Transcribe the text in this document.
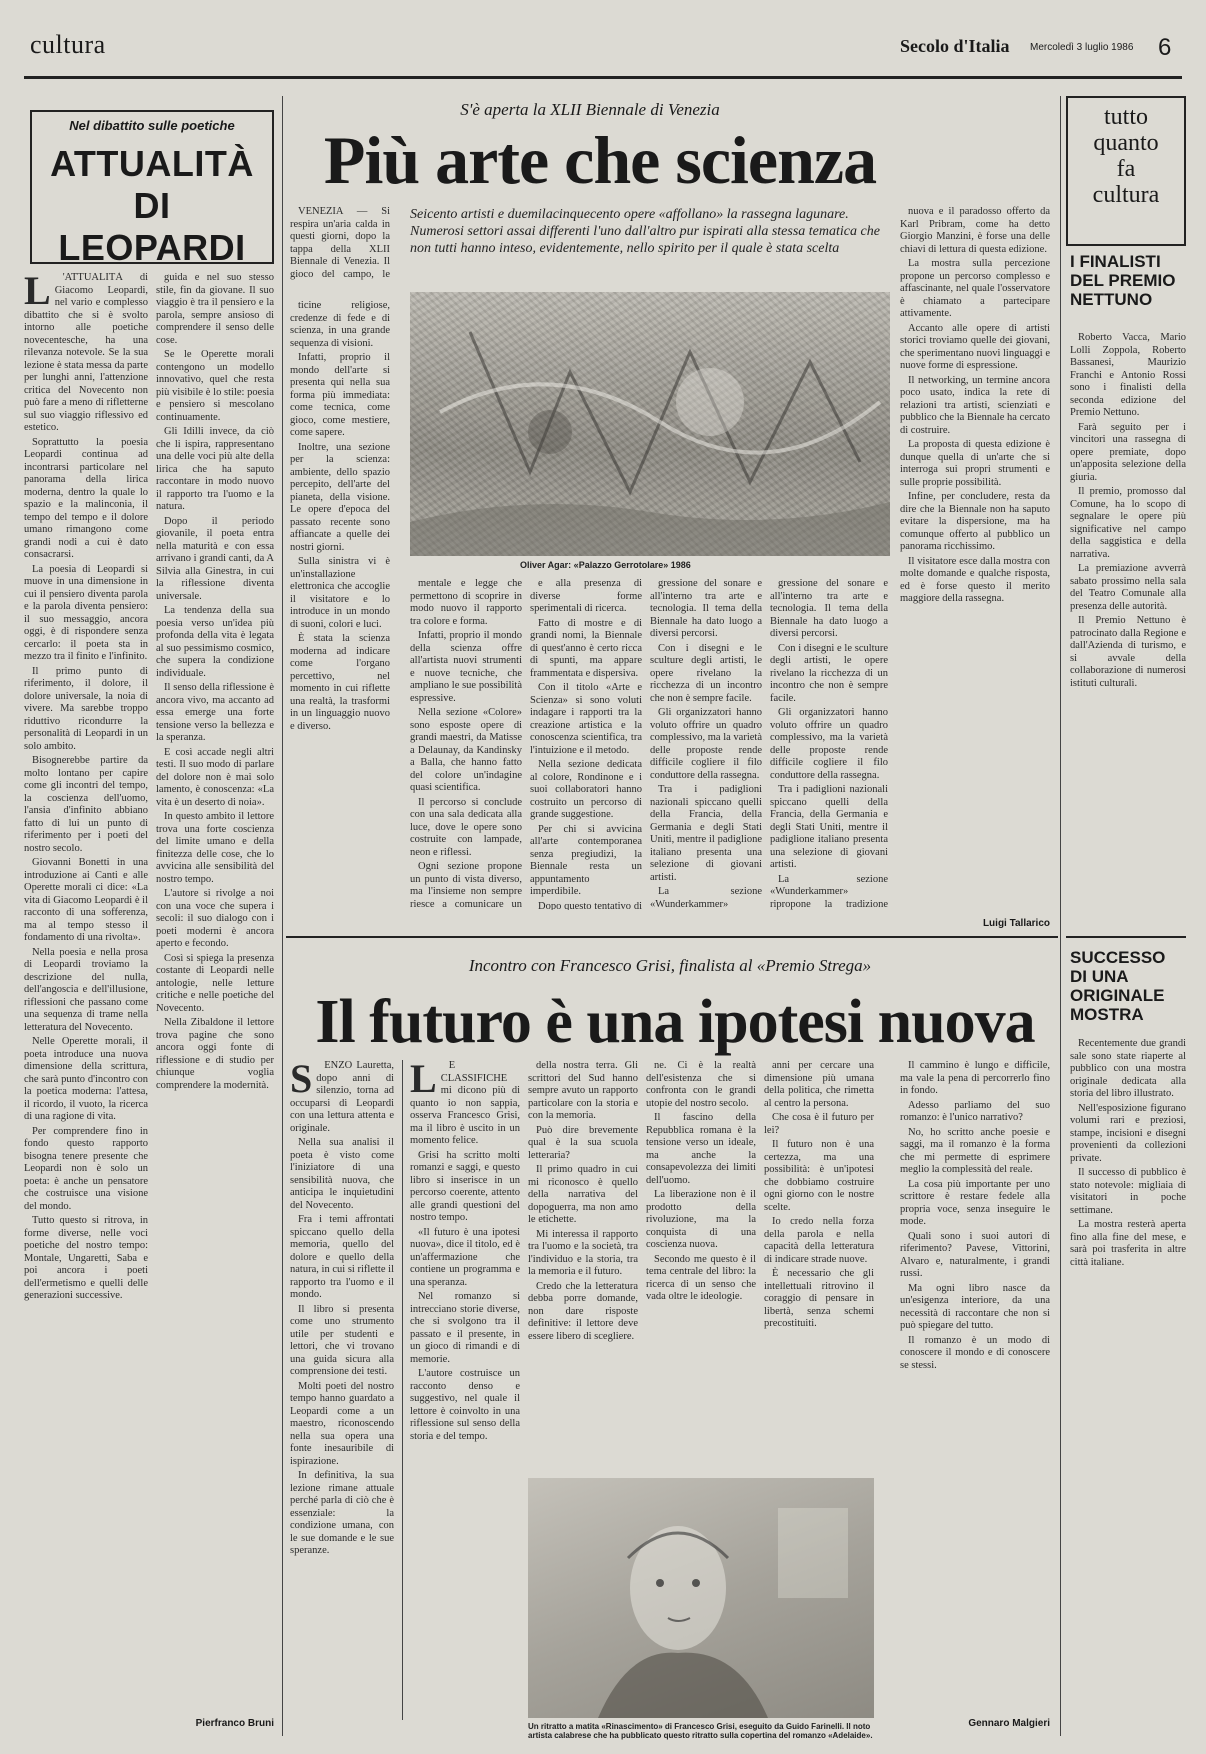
cultura	Secolo d'Italia Mercoledì 3 luglio 1986 6
Nel dibattito sulle poetiche
ATTUALITÀ DI LEOPARDI
L	'ATTUALITÀ di Giacomo Leopardi, nel vario e complesso dibattito che si è svolto intorno alle poetiche novecentesche, ha una rilevanza notevole. Se la sua lezione è stata messa da parte per lunghi anni, l'attenzione critica del Novecento non può fare a meno di rifletterne sul suo viaggio riflessivo ed estetico.

Soprattutto la poesia Leopardi continua ad incontrarsi particolare nel panorama della lirica moderna, dentro la quale lo spazio e la malinconia, il tempo del tempo e il dolore umano rimangono come grandi nodi a cui è dato consacrarsi.

La poesia di Leopardi si muove in una dimensione in cui il pensiero diventa parola e la parola diventa pensiero: il suo messaggio, ancora oggi, è di rispondere senza cercarlo: il poeta sta in mezzo tra il finito e l'infinito.

Il primo punto di riferimento, il dolore, il dolore universale, la noia di vivere. Ma sarebbe troppo riduttivo ricondurre la personalità di Leopardi in un solo ambito.

Bisognerebbe partire da molto lontano per capire come gli incontri del tempo, la coscienza dell'uomo, l'ansia d'infinito abbiano fatto di lui un punto di riferimento per i poeti del nostro secolo.

Giovanni Bonetti in una introduzione ai Canti e alle Operette morali ci dice: «La vita di Giacomo Leopardi è il racconto di una sofferenza, ma al tempo stesso il fondamento di una rivolta».

Nella poesia e nella prosa di Leopardi troviamo la descrizione del nulla, dell'angoscia e dell'illusione, riflessioni che passano come una sequenza di trame nella letteratura del Novecento.

Nelle Operette morali, il poeta introduce una nuova dimensione della scrittura, che sarà punto d'incontro con la poetica moderna: l'attesa, il ricordo, il vuoto, la ricerca di una ragione di vita.

Per comprendere fino in fondo questo rapporto bisogna tenere presente che Leopardi non è solo un poeta: è anche un pensatore che costruisce una visione del mondo.

Tutto questo si ritrova, in forme diverse, nelle voci poetiche del nostro tempo: Montale, Ungaretti, Saba e poi ancora i poeti dell'ermetismo e quelli delle generazioni successive.

guida e nel suo stesso stile, fin da giovane. Il suo viaggio è tra il pensiero e la parola, sempre ansioso di comprendere il senso delle cose.

Se le Operette morali contengono un modello innovativo, quel che resta più visibile è lo stile: poesia e pensiero si mescolano continuamente.

Gli Idilli invece, da ciò che li ispira, rappresentano una delle voci più alte della lirica che ha saputo raccontare in modo nuovo il rapporto tra l'uomo e la natura.

Dopo il periodo giovanile, il poeta entra nella maturità e con essa arrivano i grandi canti, da A Silvia alla Ginestra, in cui la riflessione diventa universale.

La tendenza della sua poesia verso un'idea più profonda della vita è legata al suo pessimismo cosmico, che supera la condizione individuale.

Il senso della riflessione è ancora vivo, ma accanto ad essa emerge una forte tensione verso la bellezza e la speranza.

E così accade negli altri testi. Il suo modo di parlare del dolore non è mai solo lamento, è conoscenza: «La vita è un deserto di noia».

In questo ambito il lettore trova una forte coscienza del limite umano e della finitezza delle cose, che lo avvicina alle sensibilità del nostro tempo.

L'autore si rivolge a noi con una voce che supera i secoli: il suo dialogo con i poeti moderni è ancora aperto e fecondo.

Così si spiega la presenza costante di Leopardi nelle antologie, nelle letture critiche e nelle poetiche del Novecento.

Nella Zibaldone il lettore trova pagine che sono ancora oggi fonte di riflessione e di studio per chiunque voglia comprendere la modernità.

Pierfranco Bruni
S'è aperta la XLII Biennale di Venezia
Più arte che scienza

VENEZIA — Si respira un'aria calda in questi giorni, dopo la tappa della XLII Biennale di Venezia. Il gioco del campo, le

Seicento artisti e duemilacinquecento opere «affollano» la rassegna lagunare. Numerosi settori assai differenti l'uno dall'altro pur ispirati alla stessa tematica che non tutti hanno inteso, evidentemente, nello spirito per il quale è stata scelta
Oliver Agar: «Palazzo Gerrotolare» 1986

ticine religiose, credenze di fede e di scienza, in una grande sequenza di visioni.

Infatti, proprio il mondo dell'arte si presenta qui nella sua forma più immediata: come tecnica, come gioco, come mestiere, come sapere.

Inoltre, una sezione per la scienza: ambiente, dello spazio percepito, dell'arte del pianeta, della visione. Le opere d'epoca del passato recente sono affiancate a quelle dei nostri giorni.

Sulla sinistra vi è un'installazione elettronica che accoglie il visitatore e lo introduce in un mondo di suoni, colori e luci.

È stata la scienza moderna ad indicare come l'organo percettivo, nel momento in cui riflette una realtà, la trasformi in un linguaggio nuovo e diverso.

mentale e legge che permettono di scoprire in modo nuovo il rapporto tra colore e forma.

Infatti, proprio il mondo della scienza offre all'artista nuovi strumenti e nuove tecniche, che ampliano le sue possibilità espressive.

Nella sezione «Colore» sono esposte opere di grandi maestri, da Matisse a Delaunay, da Kandinsky a Balla, che hanno fatto del colore un'indagine quasi scientifica.

Il percorso si conclude con una sala dedicata alla luce, dove le opere sono costruite con lampade, neon e riflessi.

Ogni sezione propone un punto di vista diverso, ma l'insieme non sempre riesce a comunicare un

e alla presenza di diverse forme sperimentali di ricerca.

Fatto di mostre e di grandi nomi, la Biennale di quest'anno è certo ricca di spunti, ma appare frammentata e dispersiva.

Con il titolo «Arte e Scienza» si sono voluti indagare i rapporti tra la creazione artistica e la conoscenza scientifica, tra l'intuizione e il metodo.

Nella sezione dedicata al colore, Rondinone e i suoi collaboratori hanno costruito un percorso di grande suggestione.

Per chi si avvicina all'arte contemporanea senza pregiudizi, la Biennale resta un appuntamento imperdibile.

Dopo questo tentativo di

gressione del sonare e all'interno tra arte e tecnologia. Il tema della Biennale ha dato luogo a diversi percorsi.

Con i disegni e le sculture degli artisti, le opere rivelano la ricchezza di un incontro che non è sempre facile.

Gli organizzatori hanno voluto offrire un quadro complessivo, ma la varietà delle proposte rende difficile cogliere il filo conduttore della rassegna.

Tra i padiglioni nazionali spiccano quelli della Francia, della Germania e degli Stati Uniti, mentre il padiglione italiano presenta una selezione di giovani artisti.

La sezione «Wunderkammer»

gressione del sonare e all'interno tra arte e tecnologia. Il tema della Biennale ha dato luogo a diversi percorsi.

Con i disegni e le sculture degli artisti, le opere rivelano la ricchezza di un incontro che non è sempre facile.

Gli organizzatori hanno voluto offrire un quadro complessivo, ma la varietà delle proposte rende difficile cogliere il filo conduttore della rassegna.

Tra i padiglioni nazionali spiccano quelli della Francia, della Germania e degli Stati Uniti, mentre il padiglione italiano presenta una selezione di giovani artisti.

La sezione «Wunderkammer» ripropone la tradizione

nuova e il paradosso offerto da Karl Pribram, come ha detto Giorgio Manzini, è forse una delle chiavi di lettura di questa edizione.

La mostra sulla percezione propone un percorso complesso e affascinante, nel quale l'osservatore è chiamato a partecipare attivamente.

Accanto alle opere di artisti storici troviamo quelle dei giovani, che sperimentano nuovi linguaggi e nuove forme di espressione.

Il networking, un termine ancora poco usato, indica la rete di relazioni tra artisti, scienziati e pubblico che la Biennale ha cercato di costruire.

La proposta di questa edizione è dunque quella di un'arte che si interroga sui propri strumenti e sulle proprie possibilità.

Infine, per concludere, resta da dire che la Biennale non ha saputo evitare la dispersione, ma ha comunque offerto al pubblico un panorama ricchissimo.

Il visitatore esce dalla mostra con molte domande e qualche risposta, ed è forse questo il merito maggiore della rassegna.

Luigi Tallarico
Incontro con Francesco Grisi, finalista al «Premio Strega»
Il futuro è una ipotesi nuova
S	ENZO Lauretta, dopo anni di silenzio, torna ad occuparsi di Leopardi con una lettura attenta e originale.

Nella sua analisi il poeta è visto come l'iniziatore di una sensibilità nuova, che anticipa le inquietudini del Novecento.

Fra i temi affrontati spiccano quello della memoria, quello del dolore e quello della natura, in cui si riflette il rapporto tra l'uomo e il mondo.

Il libro si presenta come uno strumento utile per studenti e lettori, che vi trovano una guida sicura alla comprensione dei testi.

Molti poeti del nostro tempo hanno guardato a Leopardi come a un maestro, riconoscendo nella sua opera una fonte inesauribile di ispirazione.

In definitiva, la sua lezione rimane attuale perché parla di ciò che è essenziale: la condizione umana, con le sue domande e le sue speranze.

L	E CLASSIFICHE mi dicono più di quanto io non sappia, osserva Francesco Grisi, ma il libro è uscito in un momento felice.

Grisi ha scritto molti romanzi e saggi, e questo libro si inserisce in un percorso coerente, attento alle grandi questioni del nostro tempo.

«Il futuro è una ipotesi nuova», dice il titolo, ed è un'affermazione che contiene un programma e una speranza.

Nel romanzo si intrecciano storie diverse, che si svolgono tra il passato e il presente, in un gioco di rimandi e di memorie.

L'autore costruisce un racconto denso e suggestivo, nel quale il lettore è coinvolto in una riflessione sul senso della storia e del tempo.

della nostra terra. Gli scrittori del Sud hanno sempre avuto un rapporto particolare con la storia e con la memoria.

Può dire brevemente qual è la sua scuola letteraria?

Il primo quadro in cui mi riconosco è quello della narrativa del dopoguerra, ma non amo le etichette.

Mi interessa il rapporto tra l'uomo e la società, tra l'individuo e la storia, tra la memoria e il futuro.

Credo che la letteratura debba porre domande, non dare risposte definitive: il lettore deve essere libero di scegliere.

ne. Ci è la realtà dell'esistenza che si confronta con le grandi utopie del nostro secolo.

Il fascino della Repubblica romana è la tensione verso un ideale, ma anche la consapevolezza dei limiti dell'uomo.

La liberazione non è il prodotto della rivoluzione, ma la conquista di una coscienza nuova.

Secondo me questo è il tema centrale del libro: la ricerca di un senso che vada oltre le ideologie.

anni per cercare una dimensione più umana della politica, che rimetta al centro la persona.

Che cosa è il futuro per lei?

Il futuro non è una certezza, ma una possibilità: è un'ipotesi che dobbiamo costruire ogni giorno con le nostre scelte.

Io credo nella forza della parola e nella capacità della letteratura di indicare strade nuove.

È necessario che gli intellettuali ritrovino il coraggio di pensare in libertà, senza schemi precostituiti.

Il cammino è lungo e difficile, ma vale la pena di percorrerlo fino in fondo.

Adesso parliamo del suo romanzo: è l'unico narrativo?

No, ho scritto anche poesie e saggi, ma il romanzo è la forma che mi permette di esprimere meglio la complessità del reale.

La cosa più importante per uno scrittore è restare fedele alla propria voce, senza inseguire le mode.

Quali sono i suoi autori di riferimento? Pavese, Vittorini, Alvaro e, naturalmente, i grandi russi.

Ma ogni libro nasce da un'esigenza interiore, da una necessità di raccontare che non si può spiegare del tutto.

Il romanzo è un modo di conoscere il mondo e di conoscere se stessi.

Gennaro Malgieri
Un ritratto a matita «Rinascimento» di Francesco Grisi, eseguito da Guido Farinelli. Il noto artista calabrese che ha pubblicato questo ritratto sulla copertina del romanzo «Adelaide».
tutto
quanto
fa
cultura
I FINALISTI DEL PREMIO NETTUNO

Roberto Vacca, Mario Lolli Zoppola, Roberto Bassanesi, Maurizio Franchi e Antonio Rossi sono i finalisti della seconda edizione del Premio Nettuno.

Farà seguito per i vincitori una rassegna di opere premiate, dopo un'apposita selezione della giuria.

Il premio, promosso dal Comune, ha lo scopo di segnalare le opere più significative nel campo della saggistica e della narrativa.

La premiazione avverrà sabato prossimo nella sala del Teatro Comunale alla presenza delle autorità.

Il Premio Nettuno è patrocinato dalla Regione e dall'Azienda di turismo, e si avvale della collaborazione di numerosi istituti culturali.

SUCCESSO DI UNA ORIGINALE MOSTRA

Recentemente due grandi sale sono state riaperte al pubblico con una mostra originale dedicata alla storia del libro illustrato.

Nell'esposizione figurano volumi rari e preziosi, stampe, incisioni e disegni provenienti da collezioni private.

Il successo di pubblico è stato notevole: migliaia di visitatori in poche settimane.

La mostra resterà aperta fino alla fine del mese, e sarà poi trasferita in altre città italiane.
